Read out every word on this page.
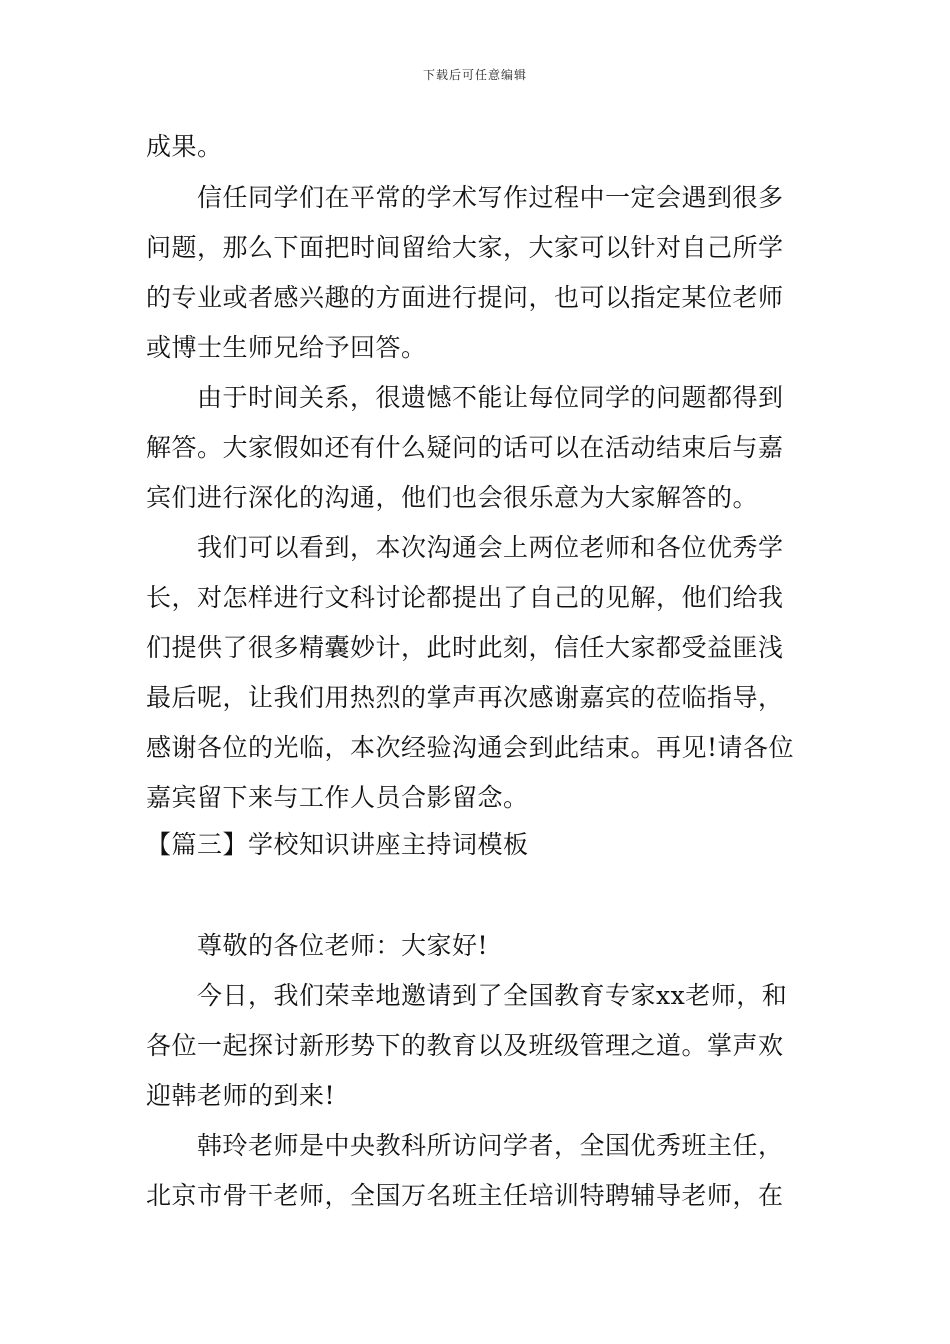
下载后可任意编辑
成果。
信任同学们在平常的学术写作过程中一定会遇到很多
问题，那么下面把时间留给大家，大家可以针对自己所学
的专业或者感兴趣的方面进行提问，也可以指定某位老师
或博士生师兄给予回答。
由于时间关系，很遗憾不能让每位同学的问题都得到
解答。大家假如还有什么疑问的话可以在活动结束后与嘉
宾们进行深化的沟通，他们也会很乐意为大家解答的。
我们可以看到，本次沟通会上两位老师和各位优秀学
长，对怎样进行文科讨论都提出了自己的见解，他们给我
们提供了很多精囊妙计，此时此刻，信任大家都受益匪浅
最后呢，让我们用热烈的掌声再次感谢嘉宾的莅临指导，
感谢各位的光临，本次经验沟通会到此结束。再见!请各位
嘉宾留下来与工作人员合影留念。
【篇三】学校知识讲座主持词模板
尊敬的各位老师：大家好!
今日，我们荣幸地邀请到了全国教育专家xx老师，和
各位一起探讨新形势下的教育以及班级管理之道。掌声欢
迎韩老师的到来!
韩玲老师是中央教科所访问学者，全国优秀班主任，
北京市骨干老师，全国万名班主任培训特聘辅导老师，在
